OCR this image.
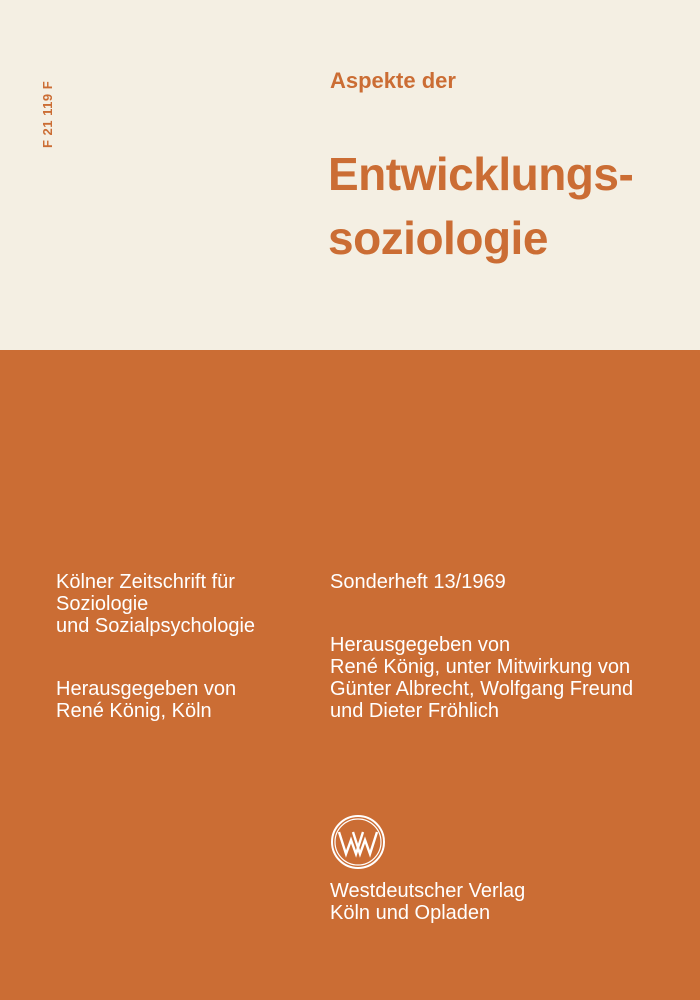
F 21 119 F
Aspekte der
Entwicklungs-
soziologie
Kölner Zeitschrift für
Soziologie
und Sozialpsychologie
Herausgegeben von
René König, Köln
Sonderheft 13/1969
Herausgegeben von
René König, unter Mitwirkung von
Günter Albrecht, Wolfgang Freund
und Dieter Fröhlich
Westdeutscher Verlag
Köln und Opladen
